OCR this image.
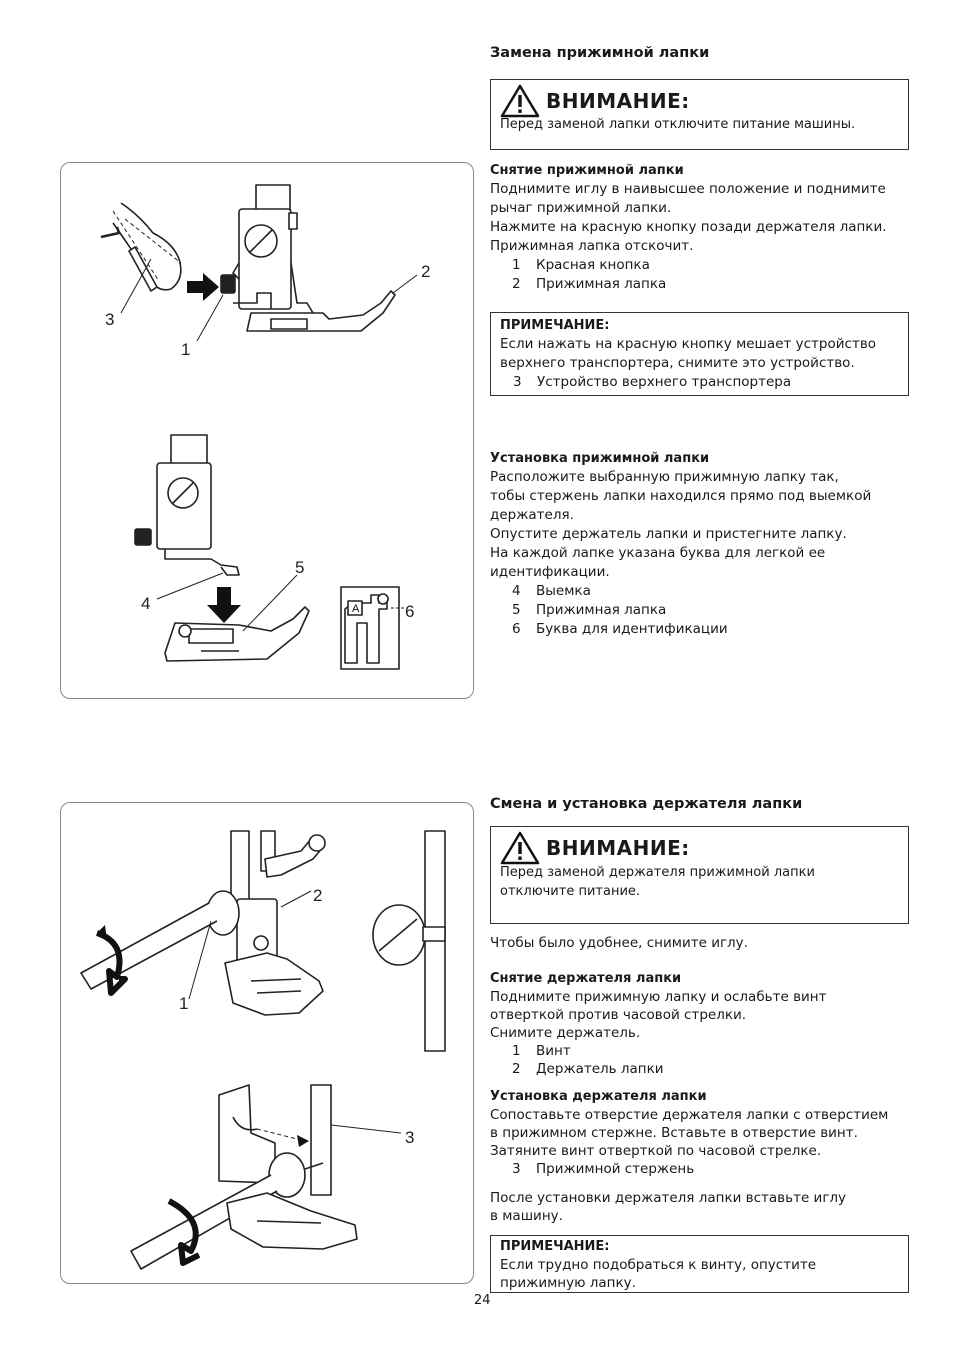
Замена прижимной лапки
ВНИМАНИЕ:
Перед заменой лапки отключите питание машины.
Снятие прижимной лапки

Поднимите иглу в наивысшее положение и поднимите

рычаг прижимной лапки.

Нажмите на красную кнопку позади держателя лапки.

Прижимная лапка отскочит.

1 Красная кнопка

2 Прижимная лапка

ПРИМЕЧАНИЕ:

Если нажать на красную кнопку мешает устройство

верхнего транспортера, снимите это устройство.

3 Устройство верхнего транспортера

Установка прижимной лапки

Расположите выбранную прижимную лапку так,

тобы стержень лапки находился прямо под выемкой

держателя.

Опустите держатель лапки и пристегните лапку.

На каждой лапке указана буква для легкой ее

идентификации.

4 Выемка

5 Прижимная лапка

6 Буква для идентификации

A
1
2
3
4
5
6
Смена и установка держателя лапки
ВНИМАНИЕ:

Перед заменой держателя прижимной лапки

отключите питание.

Чтобы было удобнее, снимите иглу.
Снятие держателя лапки

Поднимите прижимную лапку и ослабьте винт

отверткой против часовой стрелки.

Снимите держатель.

1 Винт

2 Держатель лапки

Установка держателя лапки

Сопоставьте отверстие держателя лапки с отверстием

в прижимном стержне. Вставьте в отверстие винт.

Затяните винт отверткой по часовой стрелке.

3 Прижимной стержень

После установки держателя лапки вставьте иглу

в машину.

ПРИМЕЧАНИЕ:

Если трудно подобраться к винту, опустите

прижимную лапку.

1
2
3
24
